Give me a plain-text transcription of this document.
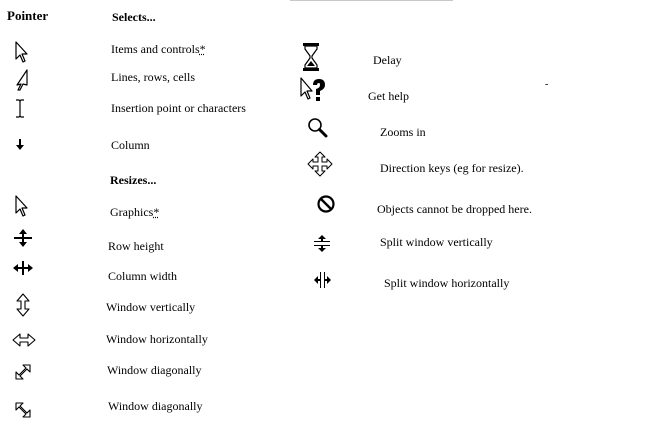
Pointer	Selects...
Resizes...
Items and controls*
Lines, rows, cells
Insertion point or characters
Column
Graphics*
Row height
Column width
Window vertically
Window horizontally
Window diagonally
Window diagonally
Delay
Get help
Zooms in
Direction keys (eg for resize).
Objects cannot be dropped here.
Split window vertically
Split window horizontally
-
